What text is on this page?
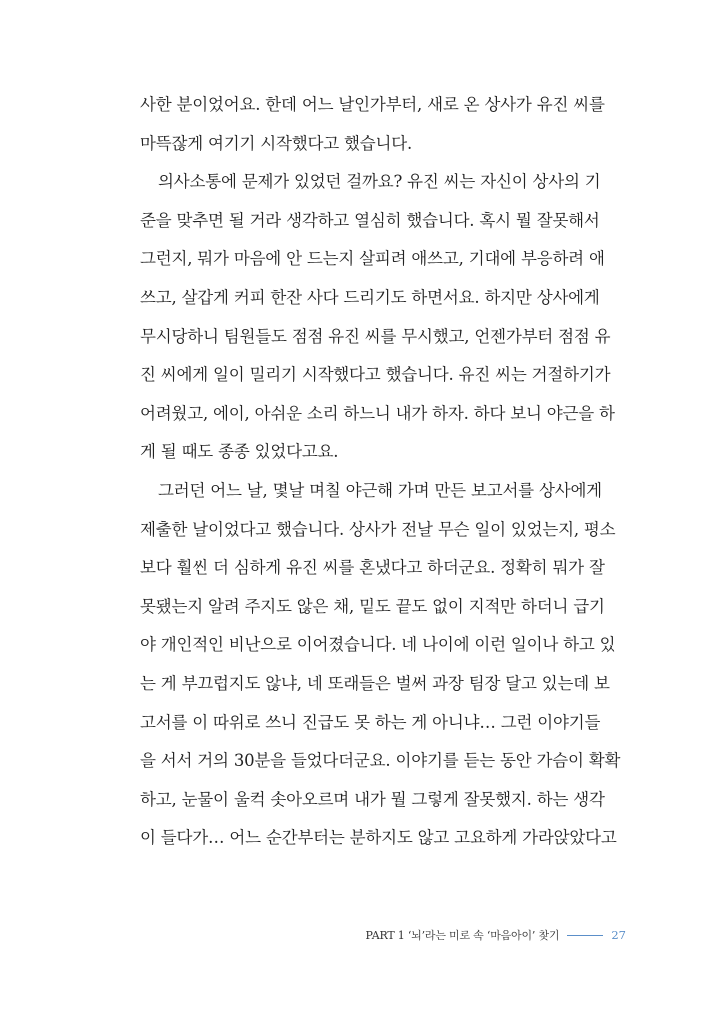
사한 분이었어요. 한데 어느 날인가부터, 새로 온 상사가 유진 씨를
마뜩잖게 여기기 시작했다고 했습니다.
의사소통에 문제가 있었던 걸까요? 유진 씨는 자신이 상사의 기
준을 맞추면 될 거라 생각하고 열심히 했습니다. 혹시 뭘 잘못해서
그런지, 뭐가 마음에 안 드는지 살피려 애쓰고, 기대에 부응하려 애
쓰고, 살갑게 커피 한잔 사다 드리기도 하면서요. 하지만 상사에게
무시당하니 팀원들도 점점 유진 씨를 무시했고, 언젠가부터 점점 유
진 씨에게 일이 밀리기 시작했다고 했습니다. 유진 씨는 거절하기가
어려웠고, 에이, 아쉬운 소리 하느니 내가 하자. 하다 보니 야근을 하
게 될 때도 종종 있었다고요.
그러던 어느 날, 몇날 며칠 야근해 가며 만든 보고서를 상사에게
제출한 날이었다고 했습니다. 상사가 전날 무슨 일이 있었는지, 평소
보다 훨씬 더 심하게 유진 씨를 혼냈다고 하더군요. 정확히 뭐가 잘
못됐는지 알려 주지도 않은 채, 밑도 끝도 없이 지적만 하더니 급기
야 개인적인 비난으로 이어졌습니다. 네 나이에 이런 일이나 하고 있
는 게 부끄럽지도 않냐, 네 또래들은 벌써 과장 팀장 달고 있는데 보
고서를 이 따위로 쓰니 진급도 못 하는 게 아니냐… 그런 이야기들
을 서서 거의 30분을 들었다더군요. 이야기를 듣는 동안 가슴이 확확
하고, 눈물이 울컥 솟아오르며 내가 뭘 그렇게 잘못했지. 하는 생각
이 들다가… 어느 순간부터는 분하지도 않고 고요하게 가라앉았다고
PART 1 ‘뇌’라는 미로 속 ‘마음아이’ 찾기	27
